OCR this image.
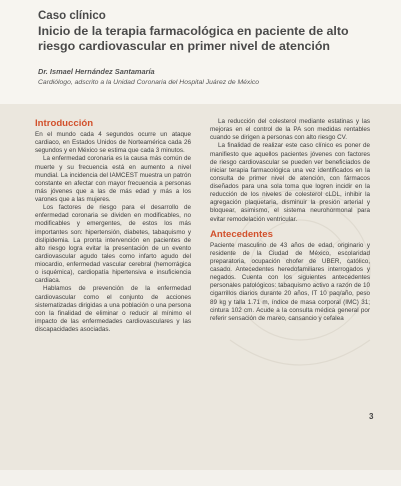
Caso clínico
Inicio de la terapia farmacológica en paciente de alto riesgo cardiovascular en primer nivel de atención
Dr. Ismael Hernández Santamaría
Cardiólogo, adscrito a la Unidad Coronaria del Hospital Juárez de México
Introducción

En el mundo cada 4 segundos ocurre un ataque cardiaco, en Estados Unidos de Norteamérica cada 26 segundos y en México se estima que cada 3 minutos.

La enfermedad coronaria es la causa más común de muerte y su frecuencia está en aumento a nivel mundial. La incidencia del IAMCEST muestra un patrón constante en afectar con mayor frecuencia a personas más jóvenes que a las de más edad y más a los varones que a las mujeres.

Los factores de riesgo para el desarrollo de enfermedad coronaria se dividen en modificables, no modificables y emergentes, de estos los más importantes son: hipertensión, diabetes, tabaquismo y dislipidemia. La pronta intervención en pacientes de alto riesgo logra evitar la presentación de un evento cardiovascular agudo tales como infarto agudo del miocardio, enfermedad vascular cerebral (hemorrágica o isquémica), cardiopatía hipertensiva e insuficiencia cardiaca.

Hablamos de prevención de la enfermedad cardiovascular como el conjunto de acciones sistematizadas dirigidas a una población o una persona con la finalidad de eliminar o reducir al mínimo el impacto de las enfermedades cardiovasculares y las discapacidades asociadas.

La reducción del colesterol mediante estatinas y las mejoras en el control de la PA son medidas rentables cuando se dirigen a personas con alto riesgo CV.

La finalidad de realizar este caso clínico es poner de manifiesto que aquellos pacientes jóvenes con factores de riesgo cardiovascular se pueden ver beneficiados de iniciar terapia farmacológica una vez identificados en la consulta de primer nivel de atención, con fármacos diseñados para una sola toma que logren incidir en la reducción de los niveles de colesterol cLDL, inhibir la agregación plaquetaria, disminuir la presión arterial y bloquear, asimismo, el sistema neurohormonal para evitar remodelación ventricular.

Antecedentes

Paciente masculino de 43 años de edad, originario y residente de la Ciudad de México, escolaridad preparatoria, ocupación chofer de UBER, católico, casado. Antecedentes heredofamiliares interrogados y negados. Cuenta con los siguientes antecedentes personales patológicos: tabaquismo activo a razón de 10 cigarrillos diarios durante 20 años, IT 10 paq/año, peso 89 kg y talla 1.71 m, índice de masa corporal (IMC) 31; cintura 102 cm. Acude a la consulta médica general por referir sensación de mareo, cansancio y cefalea

3
